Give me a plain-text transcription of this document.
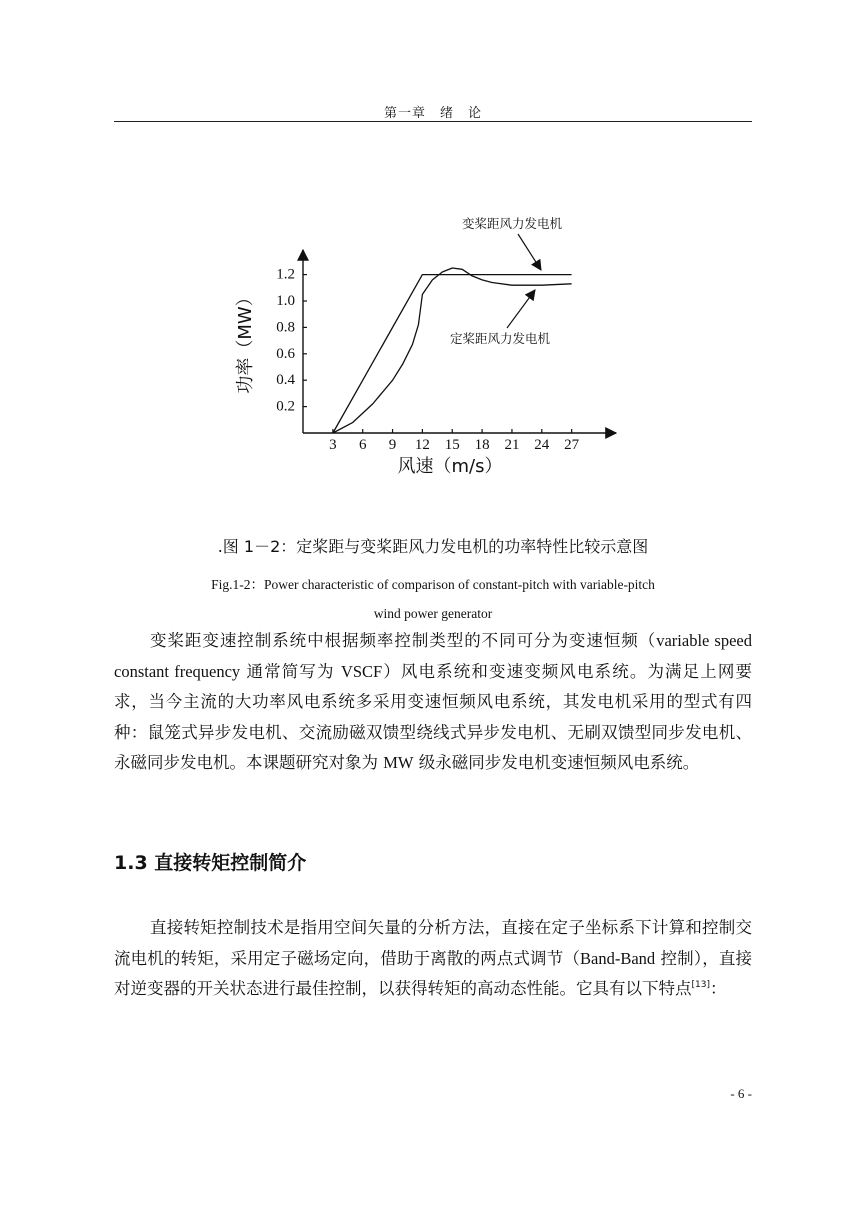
第一章　绪　论
3 6 9 12 15 18 21 24 27
0.2
0.4
0.6
0.8
1.0
1.2
风速（m/s）
功率（MW）
变桨距风力发电机
定桨距风力发电机
.图 1－2：定桨距与变桨距风力发电机的功率特性比较示意图
Fig.1-2：Power characteristic of comparison of constant-pitch with variable-pitch
wind power generator

变桨距变速控制系统中根据频率控制类型的不同可分为变速恒频（variable speed constant frequency 通常简写为 VSCF）风电系统和变速变频风电系统。为满足上网要求，当今主流的大功率风电系统多采用变速恒频风电系统，其发电机采用的型式有四种：鼠笼式异步发电机、交流励磁双馈型绕线式异步发电机、无刷双馈型同步发电机、永磁同步发电机。本课题研究对象为 MW 级永磁同步发电机变速恒频风电系统。

1.3 直接转矩控制简介

直接转矩控制技术是指用空间矢量的分析方法，直接在定子坐标系下计算和控制交流电机的转矩，采用定子磁场定向，借助于离散的两点式调节（Band-Band 控制），直接对逆变器的开关状态进行最佳控制，以获得转矩的高动态性能。它具有以下特点[13]：

- 6 -
